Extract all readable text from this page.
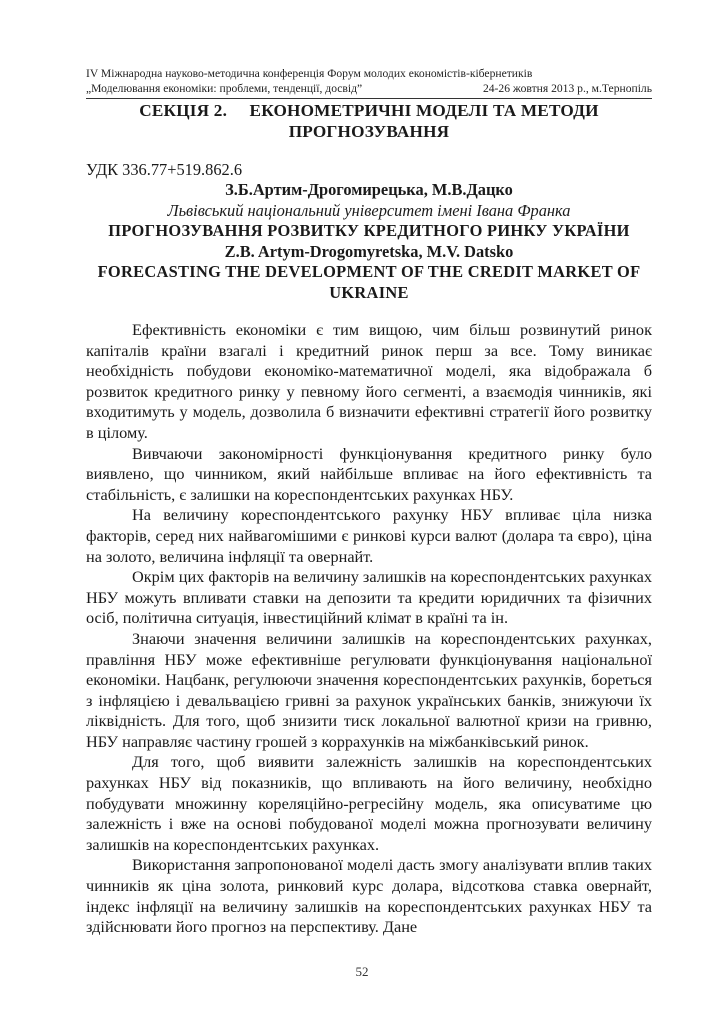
IV Міжнародна науково-методична конференція Форум молодих економістів-кібернетиків
„Моделювання економіки: проблеми, тенденції, досвід”	24-26 жовтня 2013 р., м.Тернопіль
СЕКЦІЯ 2.     ЕКОНОМЕТРИЧНІ МОДЕЛІ ТА МЕТОДИ
ПРОГНОЗУВАННЯ
УДК 336.77+519.862.6
З.Б.Артим-Дрогомирецька, М.В.Дацко
Львівський національний університет імені Івана Франка
ПРОГНОЗУВАННЯ РОЗВИТКУ КРЕДИТНОГО РИНКУ УКРАЇНИ
Z.B. Artym-Drogomyretska, M.V. Datsko
FORECASTING THE DEVELOPMENT OF THE CREDIT MARKET OF
UKRAINE

Ефективність економіки є тим вищою, чим більш розвинутий ринок капіталів країни взагалі і кредитний ринок перш за все. Тому виникає необхідність побудови економіко-математичної моделі, яка відображала б розвиток кредитного ринку у певному його сегменті, а взаємодія чинників, які входитимуть у модель, дозволила б визначити ефективні стратегії його розвитку в цілому.

Вивчаючи закономірності функціонування кредитного ринку було виявлено, що чинником, який найбільше впливає на його ефективність та стабільність, є залишки на кореспондентських рахунках НБУ.

На величину кореспондентського рахунку НБУ впливає ціла низка факторів, серед них найвагомішими є ринкові курси валют (долара та євро), ціна на золото, величина інфляції та овернайт.

Окрім цих факторів на величину залишків на кореспондентських рахунках НБУ можуть впливати ставки на депозити та кредити юридичних та фізичних осіб, політична ситуація, інвестиційний клімат в країні та ін.

Знаючи значення величини залишків на кореспондентських рахунках, правління НБУ може ефективніше регулювати функціонування національної економіки. Нацбанк, регулюючи значення кореспондентських рахунків, бореться з інфляцією і девальвацією гривні за рахунок українських банків, знижуючи їх ліквідність. Для того, щоб знизити тиск локальної валютної кризи на гривню, НБУ направляє частину грошей з коррахунків на міжбанківський ринок.

Для того, щоб виявити залежність залишків на кореспондентських рахунках НБУ від показників, що впливають на його величину, необхідно побудувати множинну кореляційно-регресійну модель, яка описуватиме цю залежність і вже на основі побудованої моделі можна прогнозувати величину залишків на кореспондентських рахунках.

Використання запропонованої моделі дасть змогу аналізувати вплив таких чинників як ціна золота, ринковий курс долара, відсоткова ставка овернайт, індекс інфляції на величину залишків на кореспондентських рахунках НБУ та здійснювати його прогноз на перспективу. Дане

52
